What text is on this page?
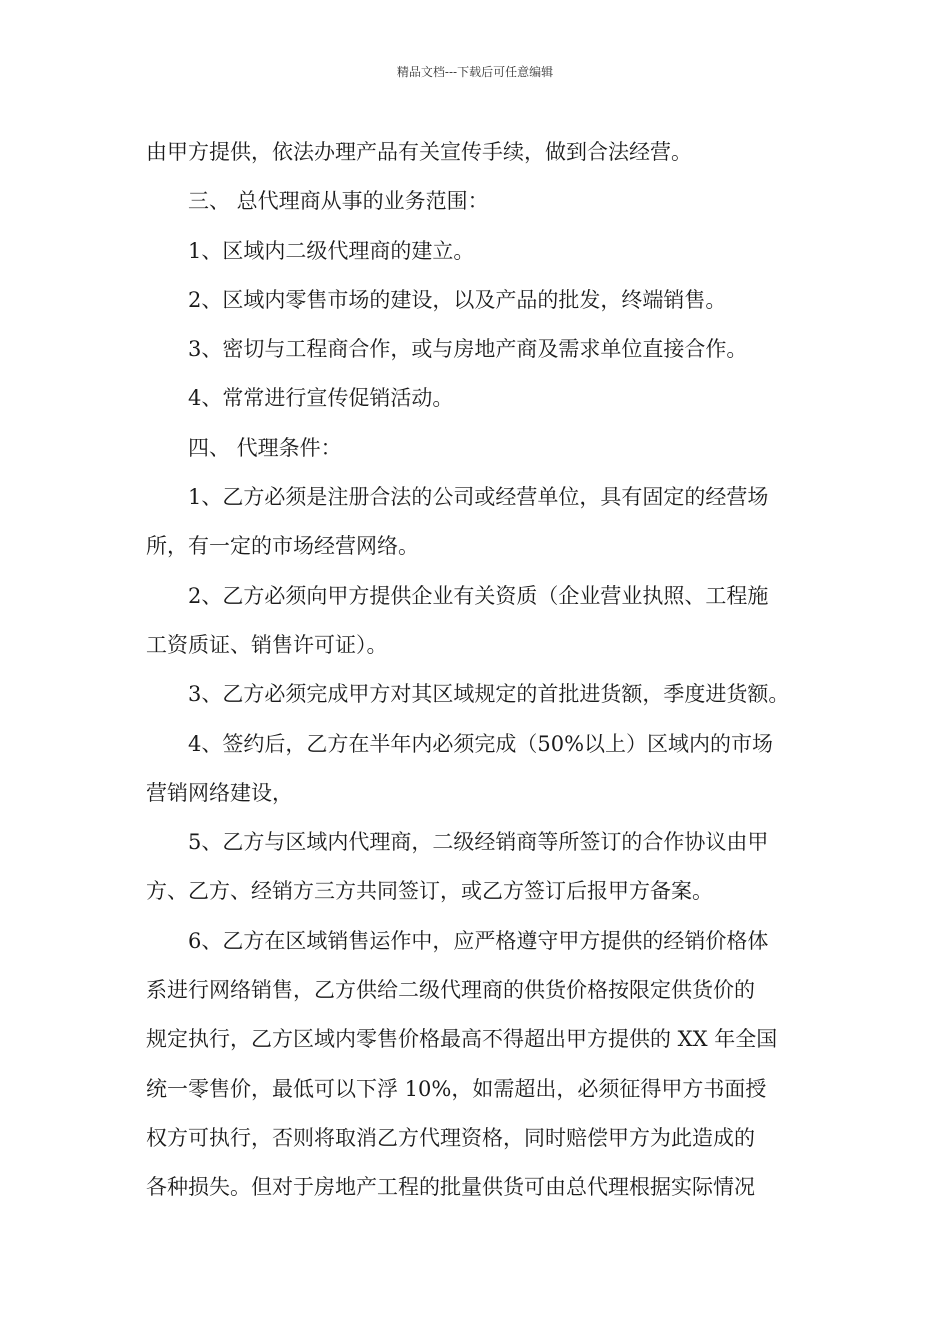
精品文档---下载后可任意编辑
由甲方提供，依法办理产品有关宣传手续，做到合法经营。
三、 总代理商从事的业务范围：
1、区域内二级代理商的建立。
2、区域内零售市场的建设，以及产品的批发，终端销售。
3、密切与工程商合作，或与房地产商及需求单位直接合作。
4、常常进行宣传促销活动。
四、 代理条件：
1、乙方必须是注册合法的公司或经营单位，具有固定的经营场
所，有一定的市场经营网络。
2、乙方必须向甲方提供企业有关资质（企业营业执照、工程施
工资质证、销售许可证）。
3、乙方必须完成甲方对其区域规定的首批进货额，季度进货额。
4、签约后，乙方在半年内必须完成（50%以上）区域内的市场
营销网络建设，
5、乙方与区域内代理商，二级经销商等所签订的合作协议由甲
方、乙方、经销方三方共同签订，或乙方签订后报甲方备案。
6、乙方在区域销售运作中，应严格遵守甲方提供的经销价格体
系进行网络销售，乙方供给二级代理商的供货价格按限定供货价的
规定执行，乙方区域内零售价格最高不得超出甲方提供的 XX 年全国
统一零售价，最低可以下浮 10%，如需超出，必须征得甲方书面授
权方可执行，否则将取消乙方代理资格，同时赔偿甲方为此造成的
各种损失。但对于房地产工程的批量供货可由总代理根据实际情况
